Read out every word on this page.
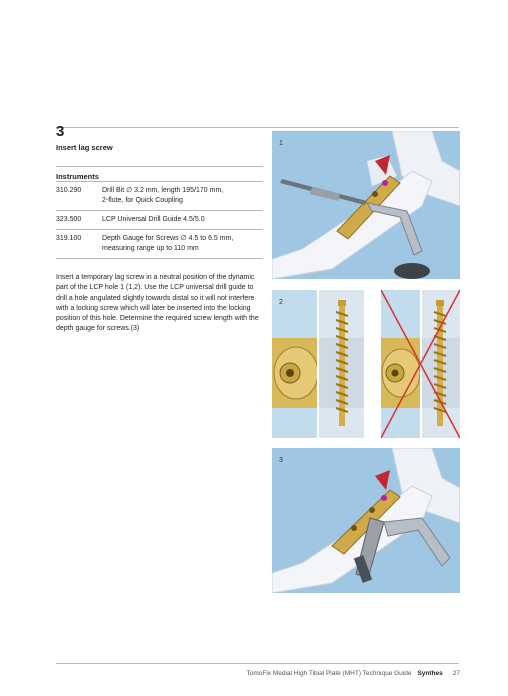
3
Insert lag screw
Instruments
310.290	Drill Bit ∅ 3.2 mm, length 195/170 mm,
2-flute, for Quick Coupling

323.500	LCP Universal Drill Guide 4.5/5.0

319.100	Depth Gauge for Screws ∅ 4.5 to 6.5 mm,
measuring range up to 110 mm

Insert a temporary lag screw in a neutral position of the dynamic part of the LCP hole 1 (1,2). Use the LCP universal drill guide to drill a hole angulated slightly towards distal so it will not interfere with a locking screw which will later be inserted into the locking position of this hole. Determine the required screw length with the depth gauge for screws.(3)

1
2
3
TomoFix Medial High Tibial Plate (MHT) Technique Guide Synthes 27
